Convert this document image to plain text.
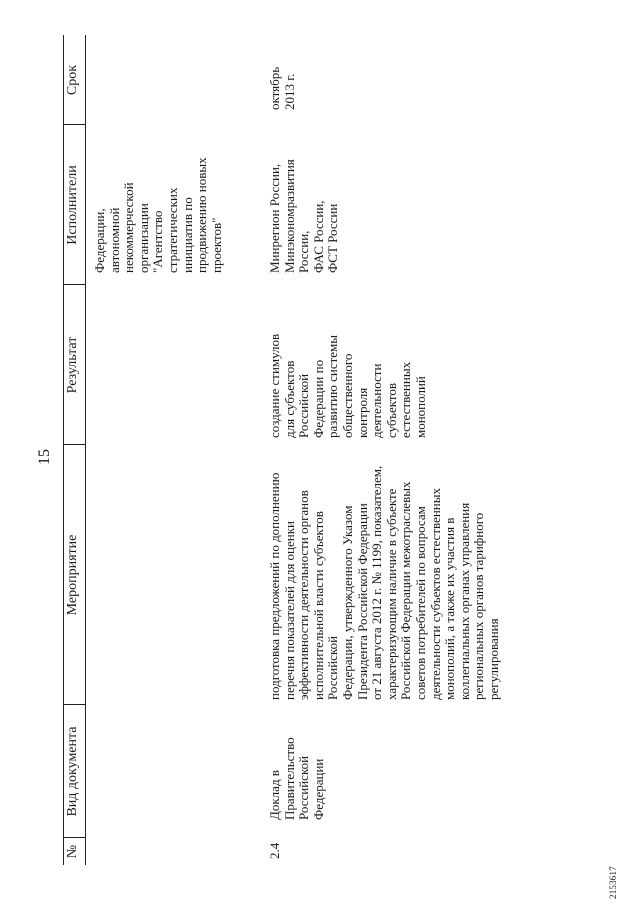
15
№
Вид документа
Мероприятие
Результат
Исполнители
Срок
Федерации,
автономной
некоммерческой
организации
"Агентство
стратегических
инициатив по
продвижению новых
проектов"
2.4
Доклад в
Правительство
Российской
Федерации
подготовка предложений по дополнению
перечня показателей для оценки
эффективности деятельности органов
исполнительной власти субъектов Российской
Федерации, утвержденного Указом
Президента Российской Федерации
от 21 августа 2012 г. № 1199, показателем,
характеризующим наличие в субъекте
Российской Федерации межотраслевых
советов потребителей по вопросам
деятельности субъектов естественных
монополий, а также их участия в
коллегиальных органах управления
региональных органов тарифного
регулирования
создание стимулов
для субъектов
Российской
Федерации по
развитию системы
общественного
контроля
деятельности
субъектов
естественных
монополий
Минрегион России,
Минэкономразвития
России,
ФАС России,
ФСТ России
октябрь
2013 г.
2153617
